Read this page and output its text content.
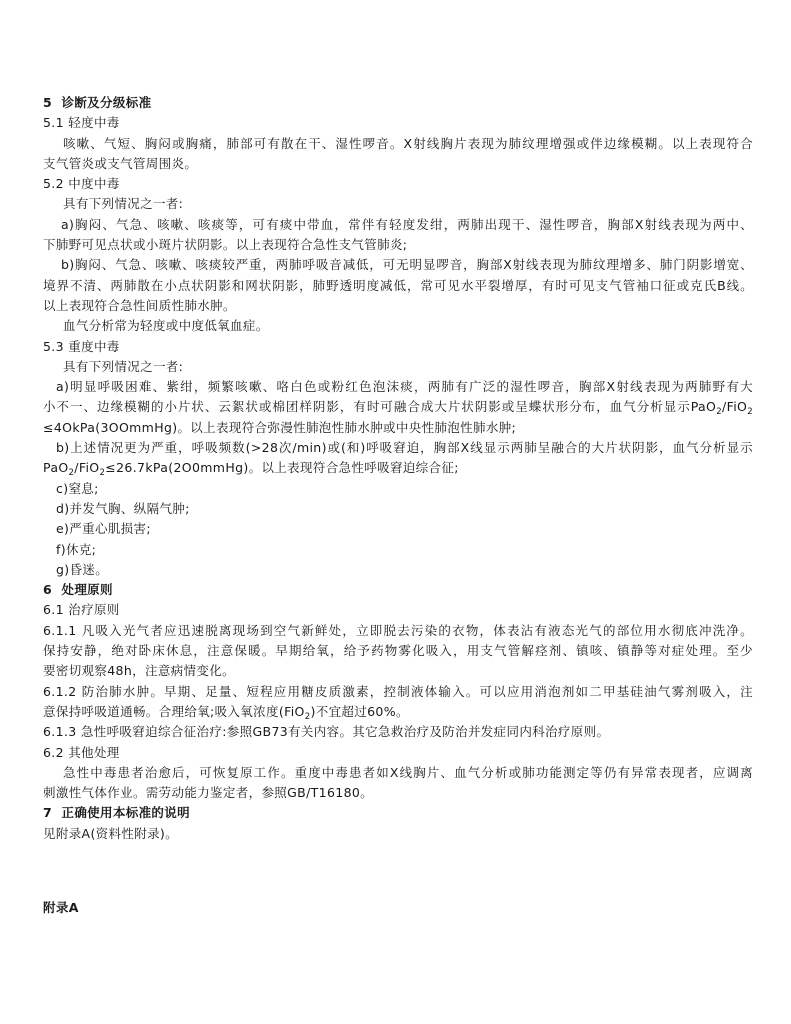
5 诊断及分级标准
5.1 轻度中毒
咳嗽、气短、胸闷或胸痛，肺部可有散在干、湿性啰音。X射线胸片表现为肺纹理增强或伴边缘模糊。以上表现符合
支气管炎或支气管周围炎。
5.2 中度中毒
具有下列情况之一者:
a)胸闷、气急、咳嗽、咳痰等，可有痰中带血，常伴有轻度发绀，两肺出现干、湿性啰音，胸部X射线表现为两中、
下肺野可见点状或小斑片状阴影。以上表现符合急性支气管肺炎;
b)胸闷、气急、咳嗽、咳痰较严重，两肺呼吸音减低，可无明显啰音，胸部X射线表现为肺纹理增多、肺门阴影增宽、
境界不清、两肺散在小点状阴影和网状阴影，肺野透明度减低，常可见水平裂增厚，有时可见支气管袖口征或克氏B线。
以上表现符合急性间质性肺水肿。
血气分析常为轻度或中度低氧血症。
5.3 重度中毒
具有下列情况之一者:
a)明显呼吸困难、紫绀，频繁咳嗽、咯白色或粉红色泡沫痰，两肺有广泛的湿性啰音，胸部X射线表现为两肺野有大
小不一、边缘模糊的小片状、云絮状或棉团样阴影，有时可融合成大片状阴影或呈蝶状形分布，血气分析显示PaO$_2$/FiO$_2$
≤4OkPa(3OOmmHg)。以上表现符合弥漫性肺泡性肺水肿或中央性肺泡性肺水肿;
b)上述情况更为严重，呼吸频数(>28次/min)或(和)呼吸窘迫，胸部X线显示两肺呈融合的大片状阴影，血气分析显示
PaO$_2$/FiO$_2$≤26.7kPa(2O0mmHg)。以上表现符合急性呼吸窘迫综合征;
c)窒息;
d)并发气胸、纵隔气肿;
e)严重心肌损害;
f)休克;
g)昏迷。
6 处理原则
6.1 治疗原则
6.1.1 凡吸入光气者应迅速脱离现场到空气新鲜处，立即脱去污染的衣物，体表沾有液态光气的部位用水彻底冲洗净。
保持安静，绝对卧床休息，注意保暖。早期给氧，给予药物雾化吸入，用支气管解痉剂、镇咳、镇静等对症处理。至少
要密切观察48h，注意病情变化。
6.1.2 防治肺水肿。早期、足量、短程应用糖皮质激素，控制液体输入。可以应用消泡剂如二甲基硅油气雾剂吸入，注
意保持呼吸道通畅。合理给氧;吸入氧浓度(FiO$_2$)不宜超过60%。
6.1.3 急性呼吸窘迫综合征治疗:参照GB73有关内容。其它急救治疗及防治并发症同内科治疗原则。
6.2 其他处理
急性中毒患者治愈后，可恢复原工作。重度中毒患者如X线胸片、血气分析或肺功能测定等仍有异常表现者，应调离
刺激性气体作业。需劳动能力鉴定者，参照GB/T16180。
7 正确使用本标准的说明
见附录A(资料性附录)。
附录A
